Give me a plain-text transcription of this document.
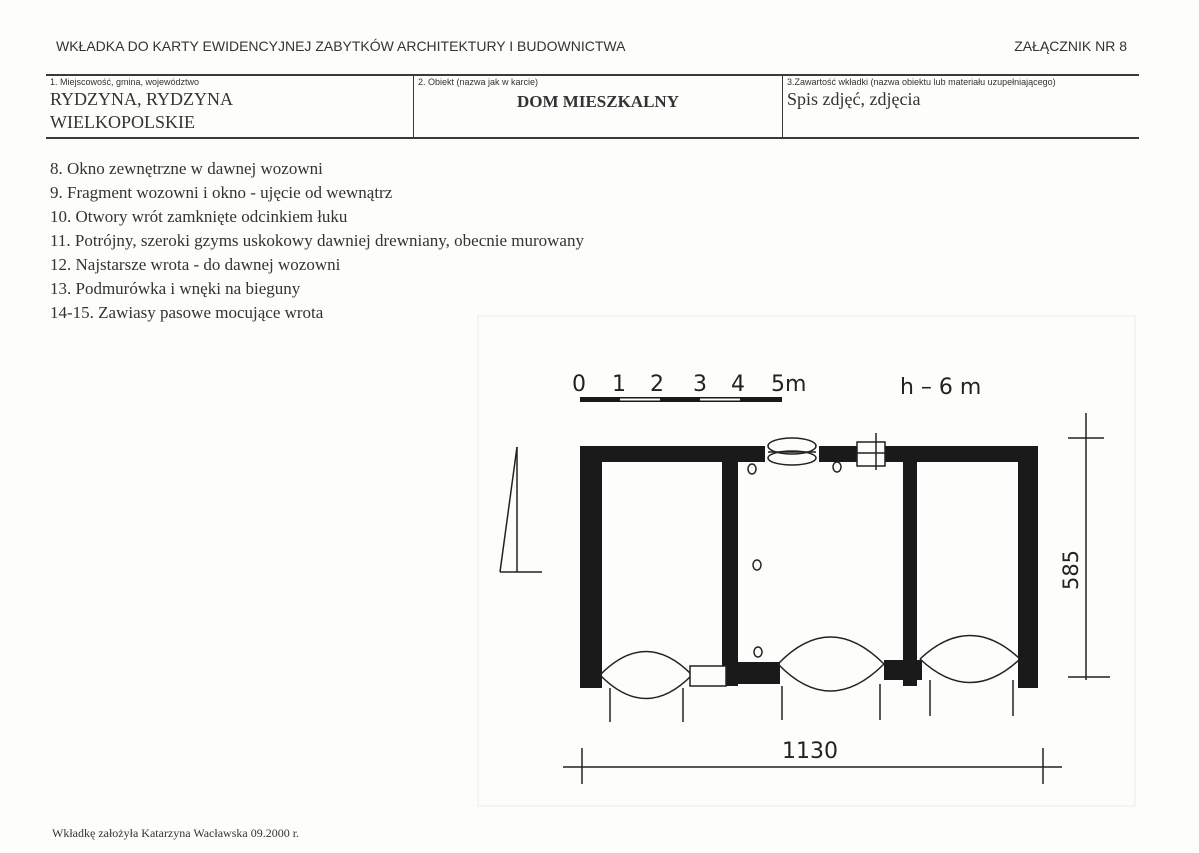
WKŁADKA DO KARTY EWIDENCYJNEJ ZABYTKÓW ARCHITEKTURY I BUDOWNICTWA	ZAŁĄCZNIK NR 8
1. Miejscowość, gmina, województwo
RYDZYNA, RYDZYNA
WIELKOPOLSKIE

2. Obiekt (nazwa jak w karcie)
DOM MIESZKALNY

3.Zawartość wkładki (nazwa obiektu lub materiału uzupełniającego)
Spis zdjęć, zdjęcia
8. Okno zewnętrzne w dawnej wozowni
9. Fragment wozowni i okno - ujęcie od wewnątrz
10. Otwory wrót zamknięte odcinkiem łuku
11. Potrójny, szeroki gzyms uskokowy dawniej drewniany, obecnie murowany
12. Najstarsze wrota - do dawnej wozowni
13. Podmurówka i wnęki na bieguny
14-15. Zawiasy pasowe mocujące wrota
0 1 2 3 4 5m	h – 6 m
585
1130
Wkładkę założyła Katarzyna Wacławska 09.2000 r.
